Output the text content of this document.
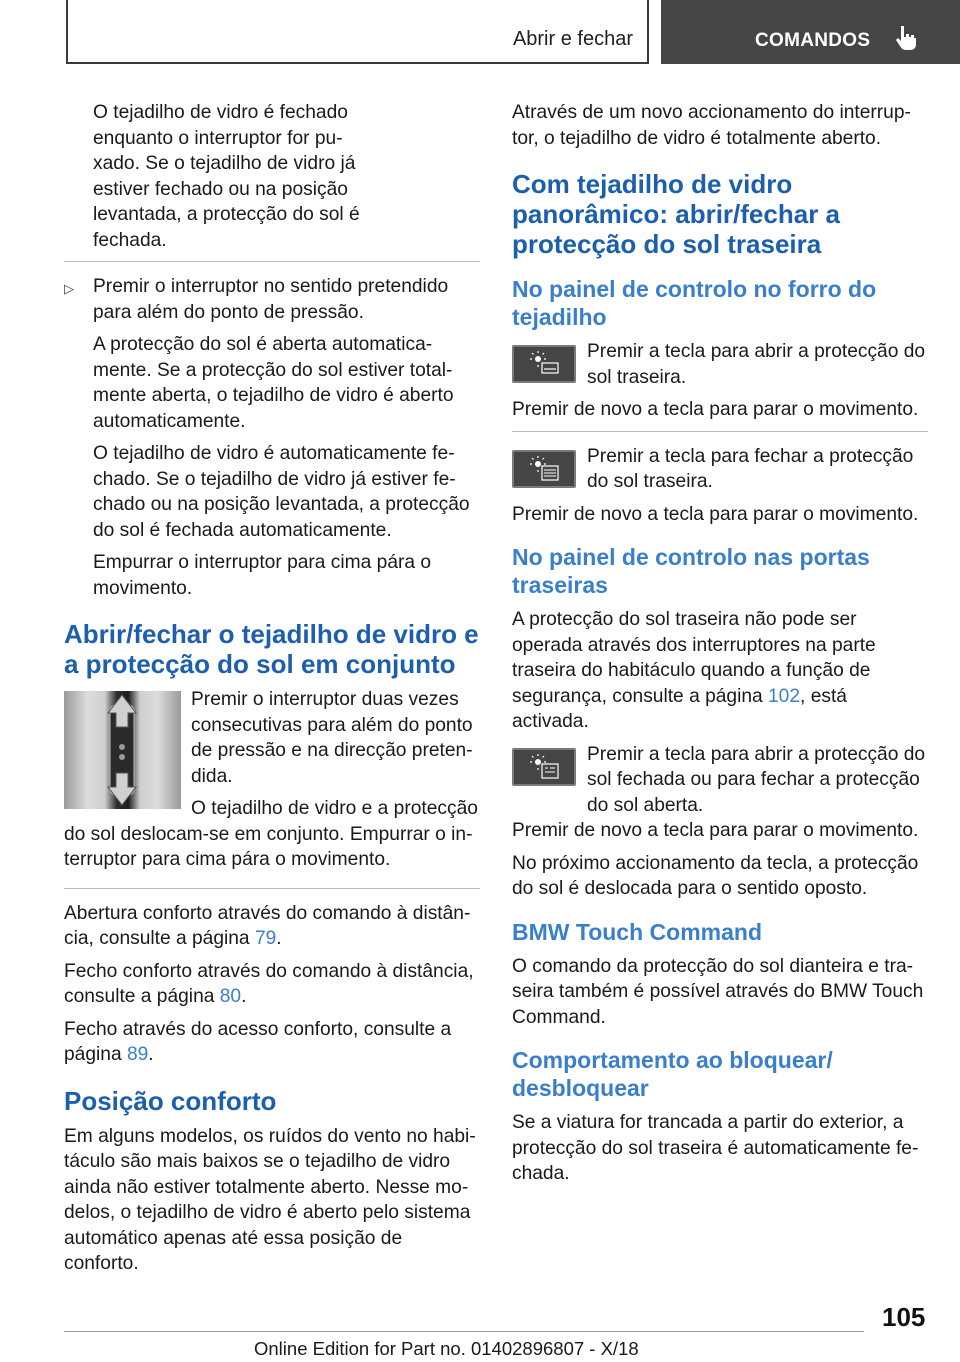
Abrir e fechar	COMANDOS

O tejadilho de vidro é fechado enquanto o interruptor for puxado. Se o tejadilho de vidro já estiver fechado ou na posição levantada, a protecção do sol é fechada.

▷ Premir o interruptor no sentido pretendido para além do ponto de pressão.

A protecção do sol é aberta automaticamente. Se a protecção do sol estiver totalmente aberta, o tejadilho de vidro é aberto automaticamente.

O tejadilho de vidro é automaticamente fechado. Se o tejadilho de vidro já estiver fechado ou na posição levantada, a protecção do sol é fechada automaticamente.

Empurrar o interruptor para cima pára o movimento.

Abrir/fechar o tejadilho de vidro e a protecção do sol em conjunto

Premir o interruptor duas vezes consecutivas para além do ponto de pressão e na direcção pretendida.

O tejadilho de vidro e a protecção do sol deslocam-se em conjunto. Empurrar o interruptor para cima pára o movimento.

Abertura conforto através do comando à distância, consulte a página 79.

Fecho conforto através do comando à distância, consulte a página 80.

Fecho através do acesso conforto, consulte a página 89.

Posição conforto

Em alguns modelos, os ruídos do vento no habitáculo são mais baixos se o tejadilho de vidro ainda não estiver totalmente aberto. Nesse modelos, o tejadilho de vidro é aberto pelo sistema automático apenas até essa posição de conforto.

Através de um novo accionamento do interruptor, o tejadilho de vidro é totalmente aberto.

Com tejadilho de vidro panorâmico: abrir/fechar a protecção do sol traseira
No painel de controlo no forro do tejadilho

Premir a tecla para abrir a protecção do sol traseira.

Premir de novo a tecla para parar o movimento.

Premir a tecla para fechar a protecção do sol traseira.

Premir de novo a tecla para parar o movimento.

No painel de controlo nas portas traseiras

A protecção do sol traseira não pode ser operada através dos interruptores na parte traseira do habitáculo quando a função de segurança, consulte a página 102, está activada.

Premir a tecla para abrir a protecção do sol fechada ou para fechar a protecção do sol aberta.

Premir de novo a tecla para parar o movimento.

No próximo accionamento da tecla, a protecção do sol é deslocada para o sentido oposto.

BMW Touch Command

O comando da protecção do sol dianteira e traseira também é possível através do BMW Touch Command.

Comportamento ao bloquear/ desbloquear

Se a viatura for trancada a partir do exterior, a protecção do sol traseira é automaticamente fechada.

105
Online Edition for Part no. 01402896807 - X/18
